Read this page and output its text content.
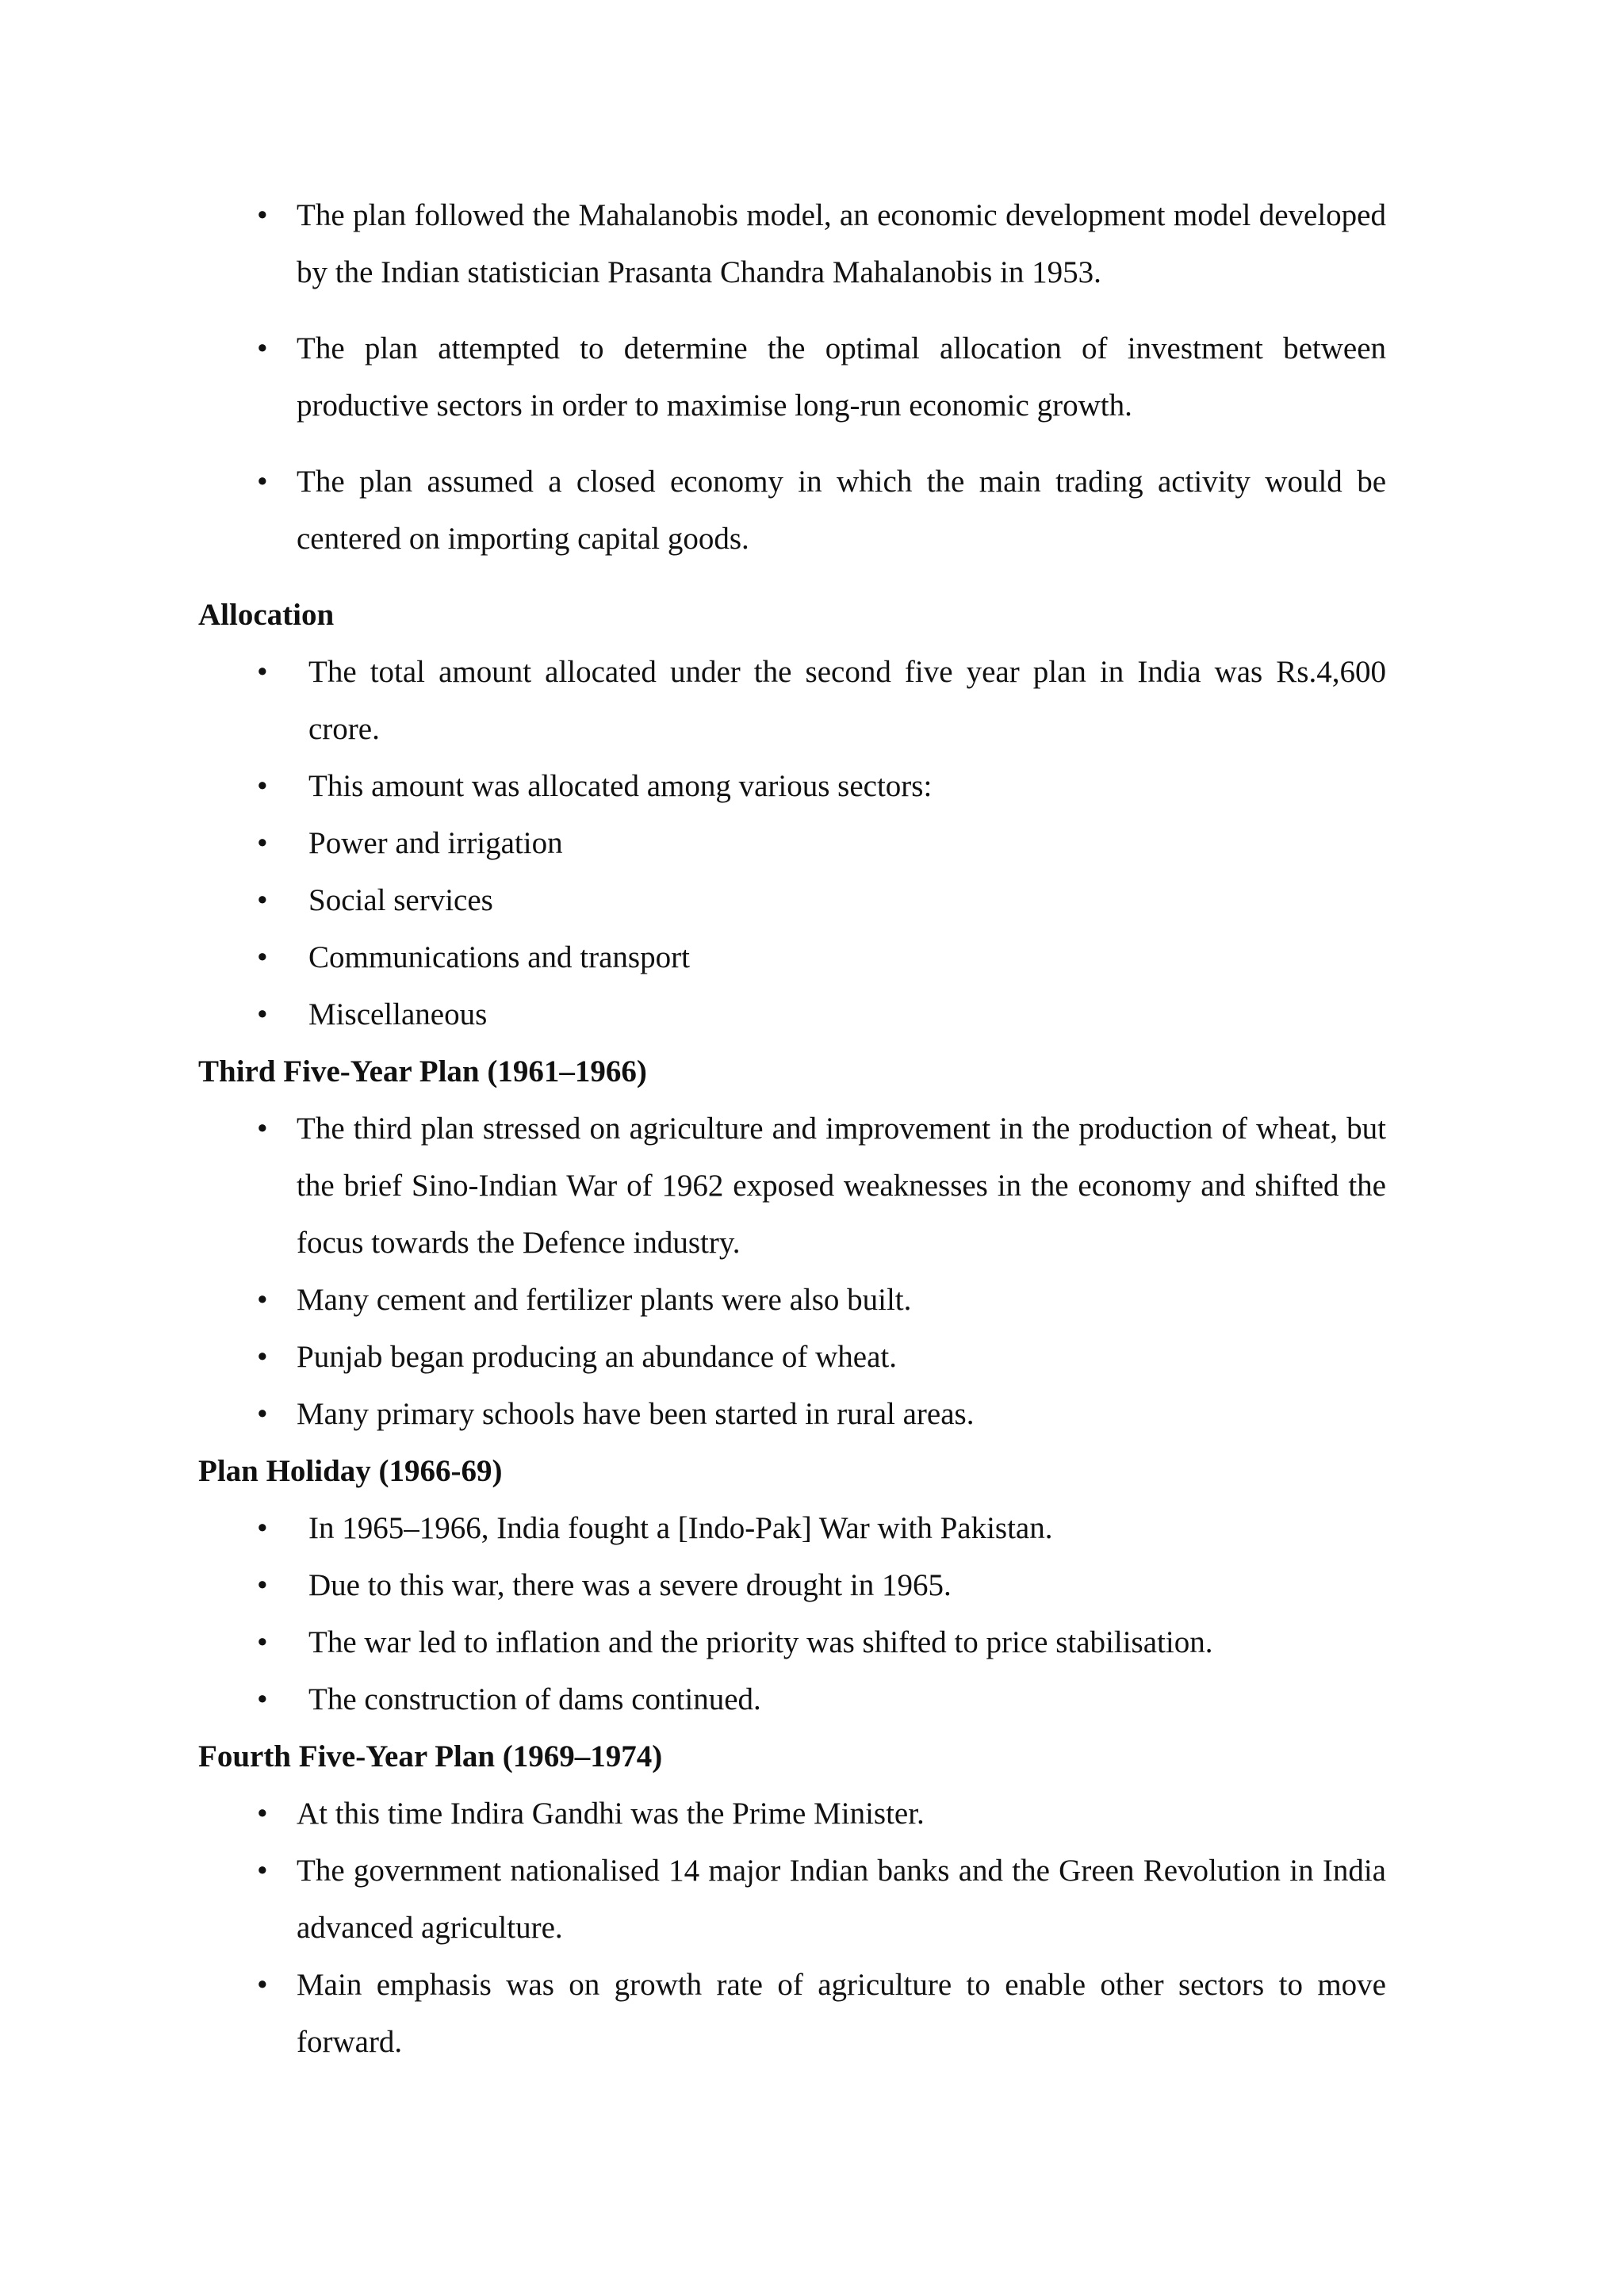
• The plan followed the Mahalanobis model, an economic development model developed by the Indian statistician Prasanta Chandra Mahalanobis in 1953.
• The plan attempted to determine the optimal allocation of investment between productive sectors in order to maximise long-run economic growth.
• The plan assumed a closed economy in which the main trading activity would be centered on importing capital goods.
Allocation
• The total amount allocated under the second five year plan in India was Rs.4,600 crore.
• This amount was allocated among various sectors:
• Power and irrigation
• Social services
• Communications and transport
• Miscellaneous
Third Five-Year Plan (1961–1966)
• The third plan stressed on agriculture and improvement in the production of wheat, but the brief Sino-Indian War of 1962 exposed weaknesses in the economy and shifted the focus towards the Defence industry.
• Many cement and fertilizer plants were also built.
• Punjab began producing an abundance of wheat.
• Many primary schools have been started in rural areas.
Plan Holiday (1966-69)
• In 1965–1966, India fought a [Indo-Pak] War with Pakistan.
• Due to this war, there was a severe drought in 1965.
• The war led to inflation and the priority was shifted to price stabilisation.
• The construction of dams continued.
Fourth Five-Year Plan (1969–1974)
• At this time Indira Gandhi was the Prime Minister.
• The government nationalised 14 major Indian banks and the Green Revolution in India advanced agriculture.
• Main emphasis was on growth rate of agriculture to enable other sectors to move forward.
